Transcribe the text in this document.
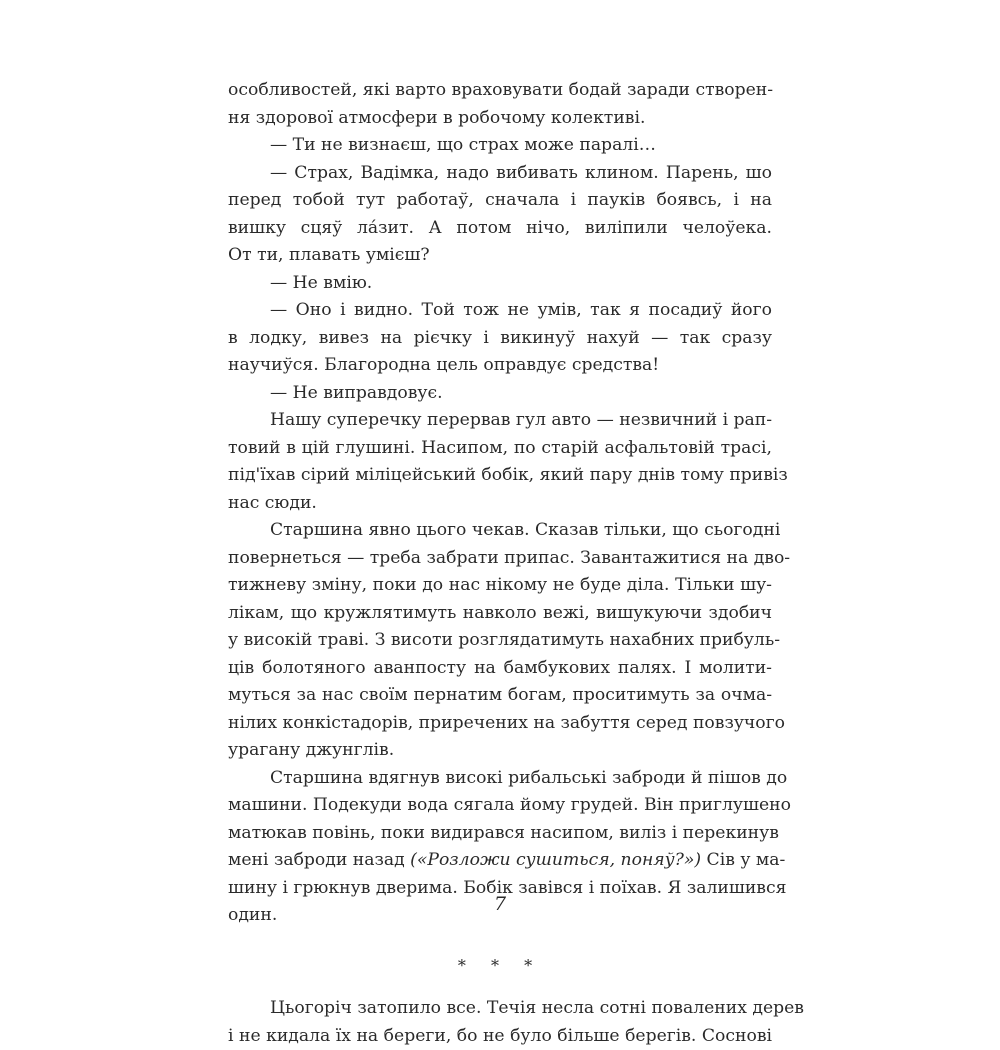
особливостей, які варто враховувати бодай заради створен-
ня здорової атмосфери в робочому колективі.

— Ти не визнаєш, що страх може паралі…

— Страх, Вадімка, надо вибивать клином. Парень, шо
перед тобой тут работаў, сначала і пауків боявсь, і на
вишку сцяў ла́зит. А потом нічо, виліпили челоўека.
От ти, плавать умієш?

— Не вмію.

— Оно і видно. Той тож не умів, так я посадиў його
в лодку, вивез на рієчку і викинуў нахуй — так сразу
научиўся. Благородна цель оправдує средства!

— Не виправдовує.

Нашу суперечку перервав гул авто — незвичний і рап-
товий в цій глушині. Насипом, по старій асфальтовій трасі,
під'їхав сірий міліцейський бобік, який пару днів тому привіз
нас сюди.

Старшина явно цього чекав. Сказав тільки, що сьогодні
повернеться — треба забрати припас. Завантажитися на дво-
тижневу зміну, поки до нас нікому не буде діла. Тільки шу-
лікам, що кружлятимуть навколо вежі, вишукуючи здобич
у високій траві. З висоти розглядатимуть нахабних прибуль-
ців болотяного аванпосту на бамбукових палях. І молити-
муться за нас своїм пернатим богам, проситимуть за очма-
нілих конкістадорів, приречених на забуття серед повзучого
урагану джунглів.

Старшина вдягнув високі рибальські заброди й пішов до
машини. Подекуди вода сягала йому грудей. Він приглушено
матюкав повінь, поки видирався насипом, виліз і перекинув
мені заброди назад («Розложи сушиться, поняў?») Сів у ма-
шину і грюкнув дверима. Бобік завівся і поїхав. Я залишився
один.

* * *

Цьогоріч затопило все. Течія несла сотні повалених дерев
і не кидала їх на береги, бо не було більше берегів. Соснові

7
